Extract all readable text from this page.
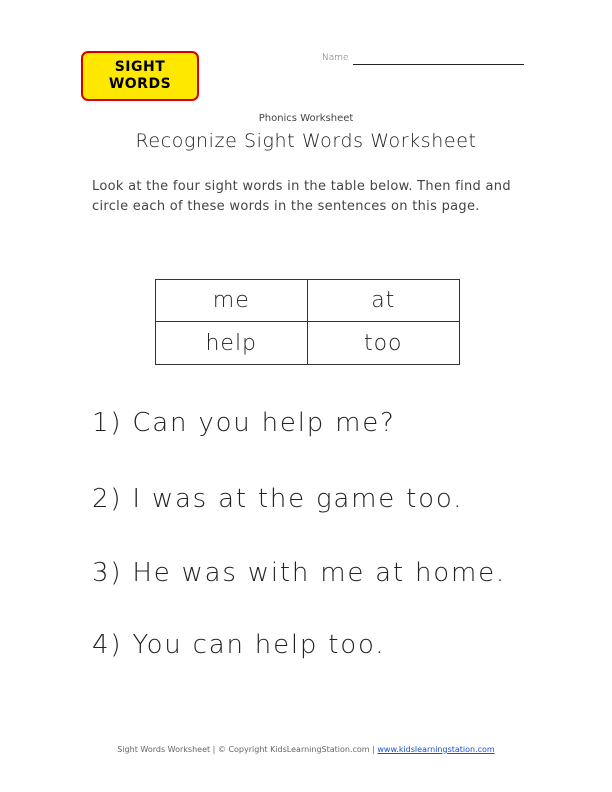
SIGHT
WORDS
Name
Phonics Worksheet
Recognize Sight Words Worksheet
Look at the four sight words in the table below. Then find and circle each of these words in the sentences on this page.
me	at
help	too
1) Can you help me?
2) I was at the game too.
3) He was with me at home.
4) You can help too.
Sight Words Worksheet | © Copyright KidsLearningStation.com | www.kidslearningstation.com
